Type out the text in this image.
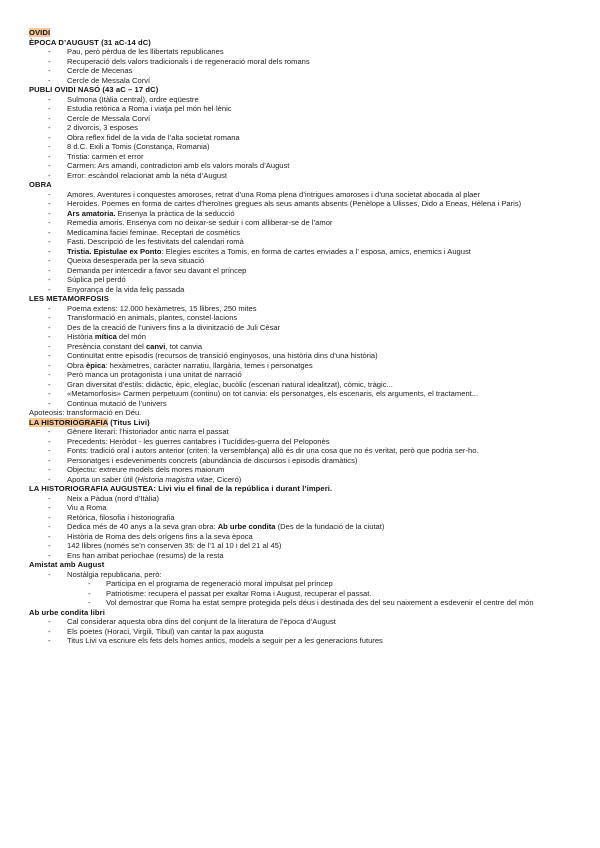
OVIDI
ÈPOCA D’AUGUST (31 aC-14 dC)
- Pau, però pèrdua de les llibertats republicanes
- Recuperació dels valors tradicionals i de regeneració moral dels romans
- Cercle de Mecenas
- Cercle de Messala Corví
PUBLI OVIDI NASÓ (43 aC – 17 dC)
- Sulmona (Itàlia central), ordre eqüestre
- Estudia retòrica a Roma i viatja pel món hel·lènic
- Cercle de Messala Corví
- 2 divorcis, 3 esposes
- Obra reflex fidel de la vida de l’alta societat romana
- 8 d.C. Exili a Tomis (Constança, Romania)
- Tristia: carmen et error
- Carmen: Ars amandi, contradictori amb els valors morals d’August
- Error: escàndol relacionat amb la néta d’August
OBRA
- Amores. Aventures i conquestes amoroses, retrat d’una Roma plena d’intrigues amoroses i d’una societat abocada al plaer
- Heroides. Poemes en forma de cartes d’heroïnes gregues als seus amants absents (Penèlope a Ulisses, Dido a Eneas, Hèlena i Paris)
- Ars amatoria. Ensenya la pràctica de la seducció
- Remedia amoris. Ensenya com no deixar-se seduir i com alliberar-se de l’amor
- Medicamina faciei feminae. Receptari de cosmètics
- Fasti. Descripció de les festivitats del calendari romà
- Tristia. Epistulae ex Ponto: Elegies escrites a Tomis, en forma de cartes enviades a l’ esposa, amics, enemics i August
- Queixa desesperada per la seva situació
- Demanda per intercedir a favor seu davant el príncep
- Súplica pel perdó
- Enyorança de la vida feliç passada
LES METAMORFOSIS
- Poema extens: 12.000 hexàmetres, 15 llibres, 250 mites
- Transformació en animals, plantes, constel·lacions
- Des de la creació de l’univers fins a la divinització de Juli Cèsar
- Història mítica del món
- Presència constant del canvi, tot canvia
- Continuïtat entre episodis (recursos de transició enginyosos, una història dins d’una història)
- Obra èpica: hexàmetres, caràcter narratiu, llargària, temes i personatges
- Però manca un protagonista i una unitat de narració
- Gran diversitat d’estils: didàctic, èpic, elegíac, bucòlic (escenari natural idealitzat), còmic, tràgic...
- «Metamorfosis» Carmen perpetuum (continu) on tot canvia: els personatges, els escenaris, els arguments, el tractament...
- Continua mutació de l’univers
Apoteosis: transformació en Déu.
LA HISTORIOGRAFIA (Titus Livi)
- Gènere literari: l’historiador antic narra el passat
- Precedents: Heròdot - les guerres cantabres i Tucídides-guerra del Peloponès
- Fonts: tradició oral i autors anterior (criteri: la versemblança) allò és dir una cosa que no és veritat, però que podria ser-ho.
- Personatges i esdeveniments concrets (abundància de discursos i episodis dramàtics)
- Objectiu: extreure models dels mores maiorum
- Aporta un saber útil (Historia magistra vitae, Ciceró)
LA HISTORIOGRAFIA AUGUSTEA: Livi viu el final de la república i durant l’imperi.
- Neix a Pàdua (nord d’Itàlia)
- Viu a Roma
- Retòrica, filosofia i historiografia
- Dedica més de 40 anys a la seva gran obra: Ab urbe condita (Des de la fundació de la ciutat)
- Història de Roma des dels orígens fins a la seva època
- 142 llibres (només se’n conserven 35: de l’1 al 10 i del 21 al 45)
- Ens han arribat periochae (resums) de la resta
Amistat amb August
- Nostàlgia republicana, però:
- Participa en el programa de regeneració moral impulsat pel príncep
- Patriotisme: recupera el passat per exaltar Roma i August, recuperar el passat.
- Vol demostrar que Roma ha estat sempre protegida pels déus i destinada des del seu naixement a esdevenir el centre del món
Ab urbe condita libri
- Cal considerar aquesta obra dins del conjunt de la literatura de l’època d’August
- Els poetes (Horaci, Virgili, Tibul) van cantar la pax augusta
- Titus Livi va escriure els fets dels homes antics, models a seguir per a les generacions futures
